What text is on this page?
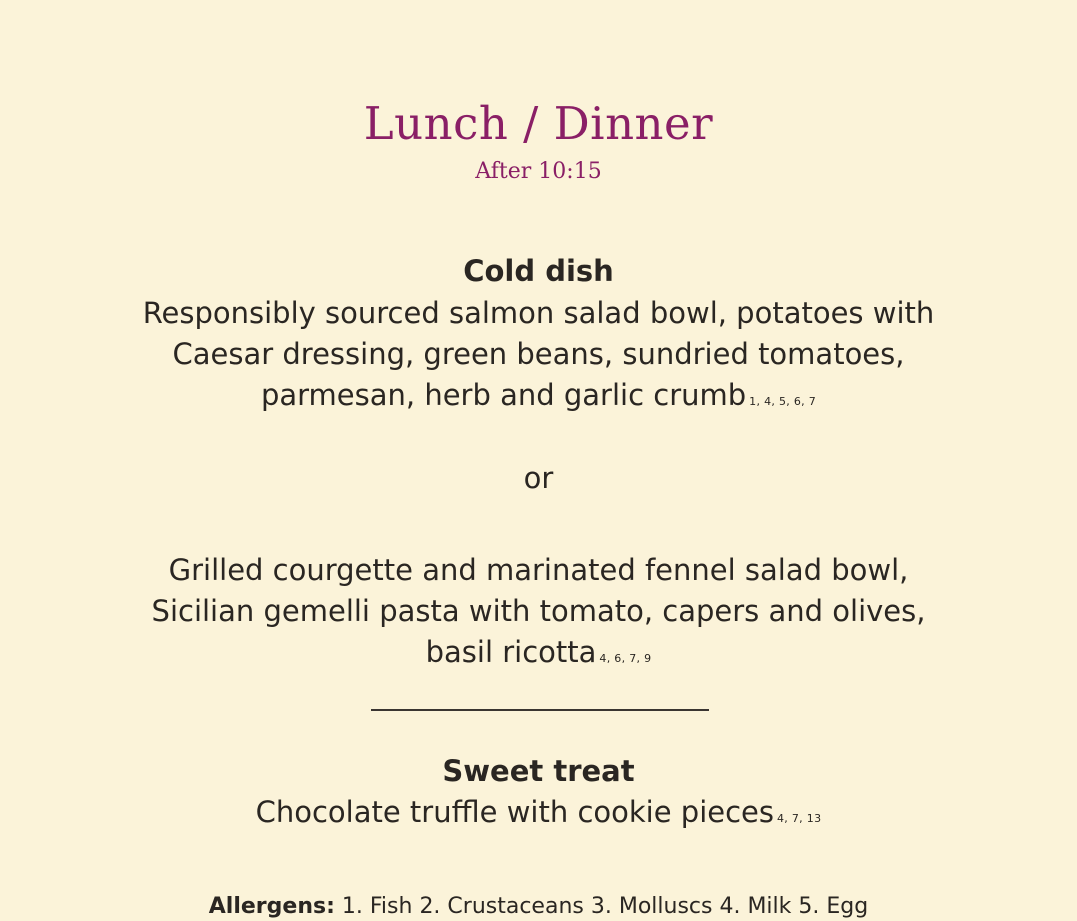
Lunch / Dinner
After 10:15
Cold dish
Responsibly sourced salmon salad bowl, potatoes with Caesar dressing, green beans, sundried tomatoes, parmesan, herb and garlic crumb 1, 4, 5, 6, 7
or
Grilled courgette and marinated fennel salad bowl, Sicilian gemelli pasta with tomato, capers and olives, basil ricotta 4, 6, 7, 9
Sweet treat
Chocolate truffle with cookie pieces 4, 7, 13
Allergens: 1. Fish 2. Crustaceans 3. Molluscs 4. Milk 5. Egg
